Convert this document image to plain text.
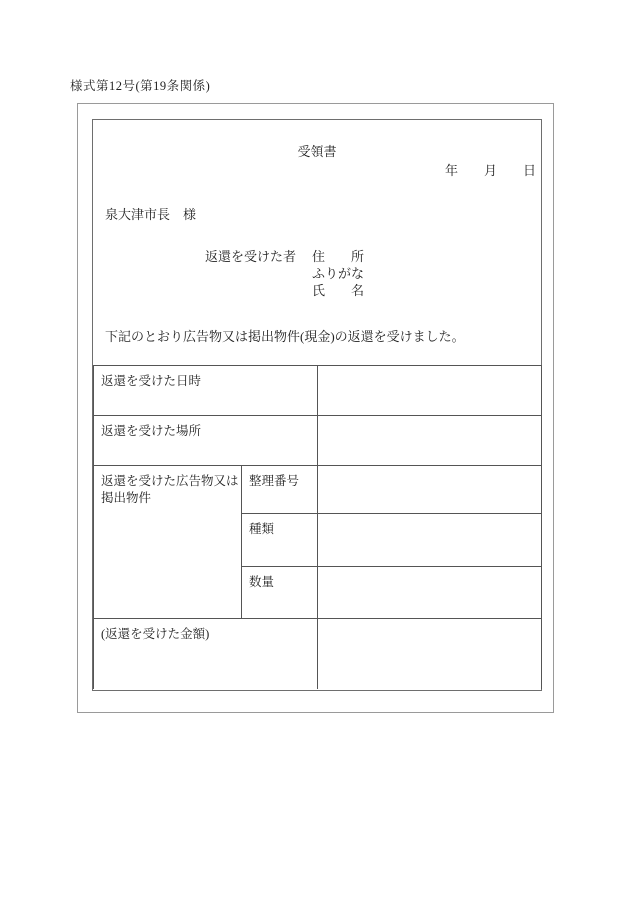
様式第12号(第19条関係)
受領書
年　　月　　日
泉大津市長　様
返還を受けた者 住　　所
ふりがな
氏　　名
下記のとおり広告物又は掲出物件(現金)の返還を受けました。
返還を受けた日時		
返還を受けた場所		
返還を受けた広告物又は掲出物件	整理番号	
	種類	
	数量	
(返還を受けた金額)		
